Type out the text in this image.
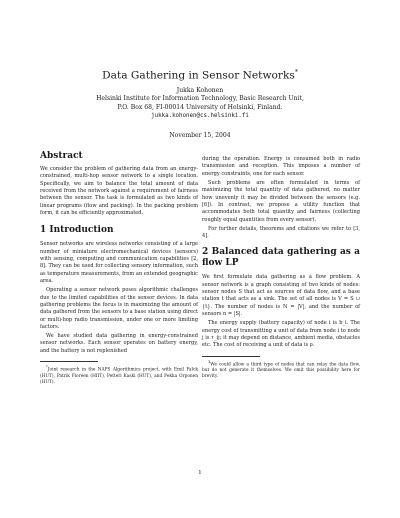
Data Gathering in Sensor Networks*
Jukka Kohonen
Helsinki Institute for Information Technology, Basic Research Unit,
P.O. Box 68, FI-00014 University of Helsinki, Finland.
jukka.kohonen@cs.helsinki.fi
November 15, 2004
Abstract

We consider the problem of gathering data from an energy-constrained, multi-hop sensor network to a single location. Specifically, we aim to balance the total amount of data received from the network against a requirement of fairness between the sensor. The task is formulated as two kinds of linear programs (flow and packing). In the packing problem form, it can be efficiently approximated.

1 Introduction

Sensor networks are wireless networks consisting of a large number of miniature electromechanical devices (sensors) with sensing, computing and communication capabilities [2, 8]. They can be used for collecting sensory information, such as temperature measurements, from an extended geographic area.

Operating a sensor network poses algorithmic challenges due to the limited capabilities of the sensor devices. In data gathering problems the focus is in maximizing the amount of data gathered from the sensors to a base station using direct or multi-hop radio transmission, under one or more limiting factors.

We have studied data gathering in energy-constrained sensor networks. Each sensor operates on battery energy, and the battery is not replenished

*Joint research in the NAPS Algorithmics project, with Emil Falck (HUT), Patrik Floréen (HIIT), Petteri Kaski (HUT), and Pekka Orponen (HUT).

during the operation. Energy is consumed both in radio transmission and reception. This imposes a number of energy constraints, one for each sensor.

Such problems are often formulated in terms of maximizing the total quantity of data gathered, no matter how unevenly it may be divided between the sensors (e.g. [6]). In contrast, we propose a utility function that accommodates both total quantity and fairness (collecting roughly equal quantities from every sensor).

For further details, theorems and citations we refer to [3, 4].

2 Balanced data gathering as a flow LP

We first formulate data gathering as a flow problem. A sensor network is a graph consisting of two kinds of nodes: sensor nodes S that act as sources of data flow, and a base station t that acts as a sink. The set of all nodes is V = S ∪ {t}. The number of nodes is N = |V|, and the number of sensors n = |S|.

The energy supply (battery capacity) of node i is b_i. The energy cost of transmitting a unit of data from node i to node j is τ_ij; it may depend on distance, ambient media, obstacles etc. The cost of receiving a unit of data is ρ.

$^1$We could allow a third type of nodes that can relay the data flow, but do not generate it themselves. We omit this possibility here for brevity.

1
